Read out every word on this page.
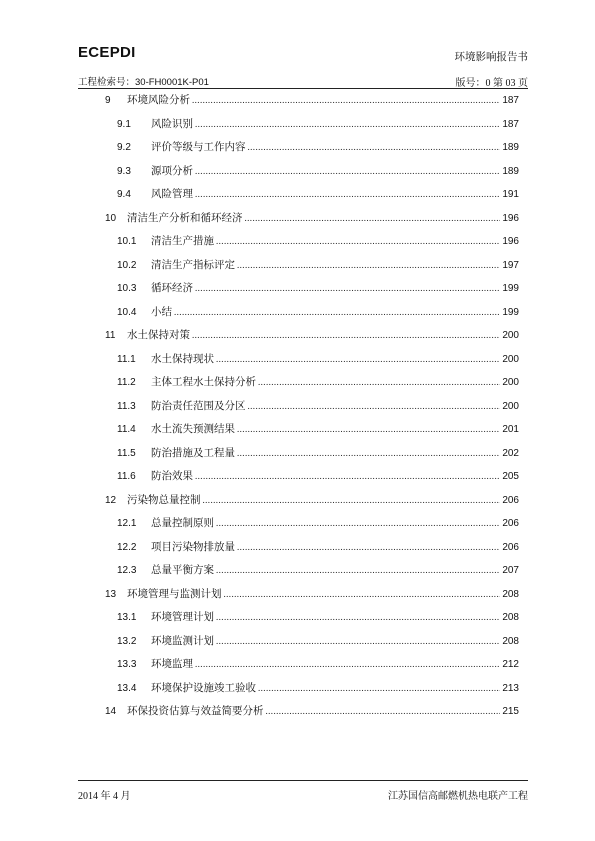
ECEPDI	环境影响报告书
工程检索号：30-FH0001K-P01	版号：0 第 03 页
9	环境风险分析 .....	187
9.1	风险识别 .....	187
9.2	评价等级与工作内容 .....	189
9.3	源项分析 .....	189
9.4	风险管理 .....	191
10	清洁生产分析和循环经济 .....	196
10.1	清洁生产措施 .....	196
10.2	清洁生产指标评定 .....	197
10.3	循环经济 .....	199
10.4	小结 .....	199
11	水土保持对策 .....	200
11.1	水土保持现状 .....	200
11.2	主体工程水土保持分析 .....	200
11.3	防治责任范围及分区 .....	200
11.4	水土流失预测结果 .....	201
11.5	防治措施及工程量 .....	202
11.6	防治效果 .....	205
12	污染物总量控制 .....	206
12.1	总量控制原则 .....	206
12.2	项目污染物排放量 .....	206
12.3	总量平衡方案 .....	207
13	环境管理与监测计划 .....	208
13.1	环境管理计划 .....	208
13.2	环境监测计划 .....	208
13.3	环境监理 .....	212
13.4	环境保护设施竣工验收 .....	213
14	环保投资估算与效益简要分析 .....	215
2014 年 4 月	江苏国信高邮燃机热电联产工程
